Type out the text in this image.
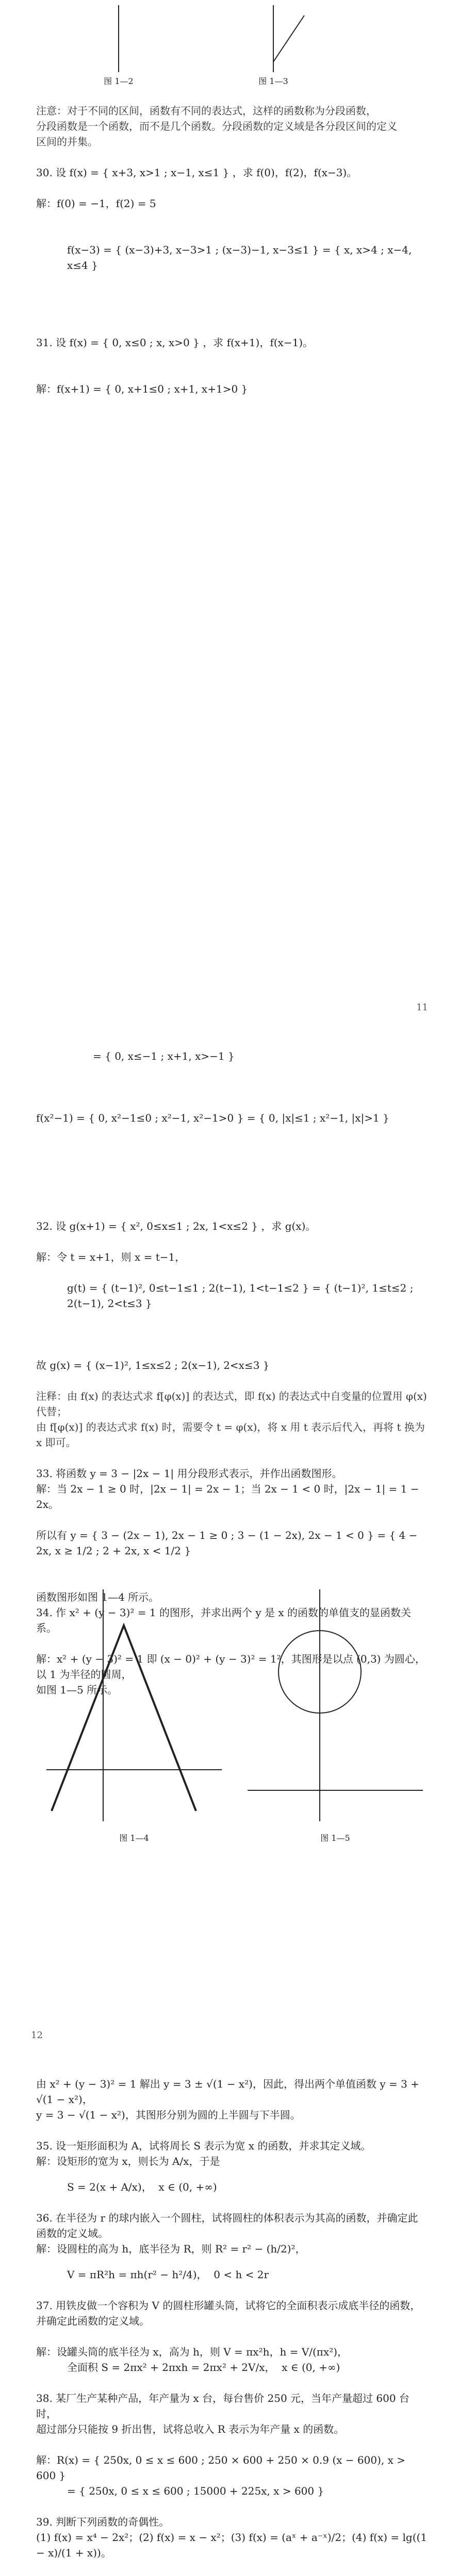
图 1—2	图 1—3

注意：对于不同的区间，函数有不同的表达式，这样的函数称为分段函数，

分段函数是一个函数，而不是几个函数。分段函数的定义域是各分段区间的定义

区间的并集。

30. 设 f(x) = { x+3, x>1 ; x−1, x≤1 } ，求 f(0)，f(2)，f(x−3)。

解：f(0) = −1，f(2) = 5

f(x−3) = { (x−3)+3, x−3>1 ; (x−3)−1, x−3≤1 } = { x, x>4 ; x−4, x≤4 }

31. 设 f(x) = { 0, x≤0 ; x, x>0 } ，求 f(x+1)，f(x−1)。

解：f(x+1) = { 0, x+1≤0 ; x+1, x+1>0 }

11

= { 0, x≤−1 ; x+1, x>−1 }

f(x²−1) = { 0, x²−1≤0 ; x²−1, x²−1>0 } = { 0, |x|≤1 ; x²−1, |x|>1 }

32. 设 g(x+1) = { x², 0≤x≤1 ; 2x, 1<x≤2 } ，求 g(x)。

解：令 t = x+1，则 x = t−1，

g(t) = { (t−1)², 0≤t−1≤1 ; 2(t−1), 1<t−1≤2 } = { (t−1)², 1≤t≤2 ; 2(t−1), 2<t≤3 }

故 g(x) = { (x−1)², 1≤x≤2 ; 2(x−1), 2<x≤3 }

注释：由 f(x) 的表达式求 f[φ(x)] 的表达式，即 f(x) 的表达式中自变量的位置用 φ(x) 代替；

由 f[φ(x)] 的表达式求 f(x) 时，需要令 t = φ(x)，将 x 用 t 表示后代入，再将 t 换为 x 即可。

33. 将函数 y = 3 − |2x − 1| 用分段形式表示，并作出函数图形。

解：当 2x − 1 ≥ 0 时，|2x − 1| = 2x − 1；当 2x − 1 < 0 时，|2x − 1| = 1 − 2x。

所以有 y = { 3 − (2x − 1), 2x − 1 ≥ 0 ; 3 − (1 − 2x), 2x − 1 < 0 } = { 4 − 2x, x ≥ 1/2 ; 2 + 2x, x < 1/2 }

函数图形如图 1—4 所示。

34. 作 x² + (y − 3)² = 1 的图形，并求出两个 y 是 x 的函数的单值支的显函数关系。

解：x² + (y − 3)² = 1 即 (x − 0)² + (y − 3)² = 1²，其图形是以点 (0,3) 为圆心，以 1 为半径的圆周，

如图 1—5 所示。

图 1—4	图 1—5
12

由 x² + (y − 3)² = 1 解出 y = 3 ± √(1 − x²)，因此，得出两个单值函数 y = 3 + √(1 − x²)，

y = 3 − √(1 − x²)，其图形分别为圆的上半圆与下半圆。

35. 设一矩形面积为 A，试将周长 S 表示为宽 x 的函数，并求其定义域。

解：设矩形的宽为 x，则长为 A/x，于是

S = 2(x + A/x)，  x ∈ (0, +∞)

36. 在半径为 r 的球内嵌入一个圆柱，试将圆柱的体积表示为其高的函数，并确定此函数的定义域。

解：设圆柱的高为 h，底半径为 R，则 R² = r² − (h/2)²，

V = πR²h = πh(r² − h²/4)，  0 < h < 2r

37. 用铁皮做一个容积为 V 的圆柱形罐头筒，试将它的全面积表示成底半径的函数，并确定此函数的定义域。

解：设罐头筒的底半径为 x，高为 h，则 V = πx²h，h = V/(πx²)，

全面积 S = 2πx² + 2πxh = 2πx² + 2V/x，  x ∈ (0, +∞)

38. 某厂生产某种产品，年产量为 x 台，每台售价 250 元，当年产量超过 600 台时，

超过部分只能按 9 折出售，试将总收入 R 表示为年产量 x 的函数。

解：R(x) = { 250x, 0 ≤ x ≤ 600 ; 250 × 600 + 250 × 0.9 (x − 600), x > 600 }

= { 250x, 0 ≤ x ≤ 600 ; 15000 + 225x, x > 600 }

39. 判断下列函数的奇偶性。

(1) f(x) = x⁴ − 2x²；(2) f(x) = x − x²；(3) f(x) = (aˣ + a⁻ˣ)/2；(4) f(x) = lg((1 − x)/(1 + x))。
